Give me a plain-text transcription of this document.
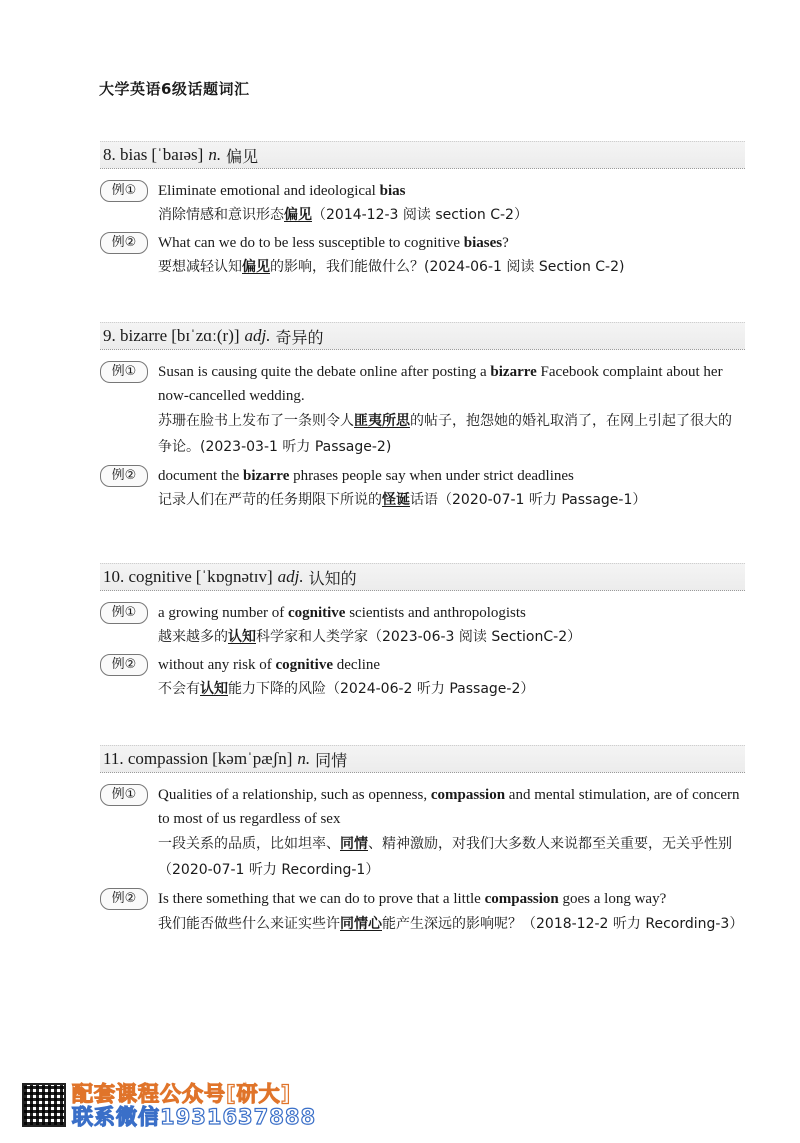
大学英语6级话题词汇
8. bias [ˈbaɪəs] n. 偏见
例①	Eliminate emotional and ideological bias
消除情感和意识形态偏见（2014-12-3 阅读 section C-2）
例②	What can we do to be less susceptible to cognitive biases?
要想减轻认知偏见的影响，我们能做什么？(2024-06-1 阅读 Section C-2)
9. bizarre [bɪˈzɑː(r)] adj. 奇异的
例①	Susan is causing quite the debate online after posting a bizarre Facebook complaint about her now-cancelled wedding.
苏珊在脸书上发布了一条则令人匪夷所思的帖子，抱怨她的婚礼取消了，在网上引起了很大的争论。(2023-03-1 听力 Passage-2)
例②	document the bizarre phrases people say when under strict deadlines
记录人们在严苛的任务期限下所说的怪诞话语（2020-07-1 听力 Passage-1）
10. cognitive [ˈkɒɡnətɪv] adj. 认知的
例①	a growing number of cognitive scientists and anthropologists
越来越多的认知科学家和人类学家（2023-06-3 阅读 SectionC-2）
例②	without any risk of cognitive decline
不会有认知能力下降的风险（2024-06-2 听力 Passage-2）
11. compassion [kəmˈpæʃn] n. 同情
例①	Qualities of a relationship, such as openness, compassion and mental stimulation, are of concern to most of us regardless of sex
一段关系的品质，比如坦率、同情、精神激励，对我们大多数人来说都至关重要，无关乎性别（2020-07-1 听力 Recording-1）
例②	Is there something that we can do to prove that a little compassion goes a long way?
我们能否做些什么来证实些许同情心能产生深远的影响呢？（2018-12-2 听力 Recording-3）
配套课程公众号[研大]
联系微信1931637888
